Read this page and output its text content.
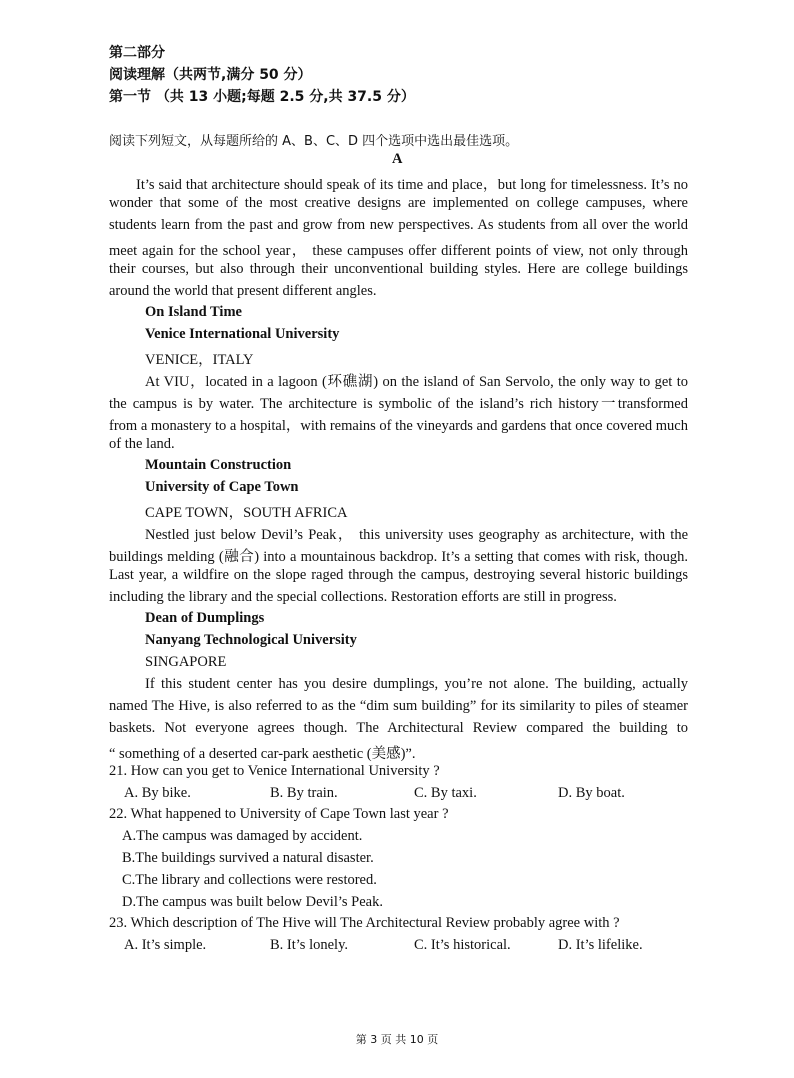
第二部分
阅读理解（共两节,满分 50 分）
第一节 （共 13 小题;每题 2.5 分,共 37.5 分）
阅读下列短文，从每题所给的 A、B、C、D 四个选项中选出最佳选项。
A
It’s said that architecture should speak of its time and place，but long for timelessness. It’s no
wonder that some of the most creative designs are implemented on college campuses, where
students learn from the past and grow from new perspectives. As students from all over the world
meet again for the school year， these campuses offer different points of view, not only through
their courses, but also through their unconventional building styles. Here are college buildings
around the world that present different angles.
On Island Time
Venice International University
VENICE，ITALY
At VIU，located in a lagoon (环礁湖) on the island of San Servolo, the only way to get to
the campus is by water. The architecture is symbolic of the island’s rich history一transformed
from a monastery to a hospital，with remains of the vineyards and gardens that once covered much
of the land.
Mountain Construction
University of Cape Town
CAPE TOWN，SOUTH AFRICA
Nestled just below Devil’s Peak， this university uses geography as architecture, with the
buildings melding (融合) into a mountainous backdrop. It’s a setting that comes with risk, though.
Last year, a wildfire on the slope raged through the campus, destroying several historic buildings
including the library and the special collections. Restoration efforts are still in progress.
Dean of Dumplings
Nanyang Technological University
SINGAPORE
If this student center has you desire dumplings, you’re not alone. The building, actually
named The Hive, is also referred to as the “dim sum building” for its similarity to piles of steamer
baskets. Not everyone agrees though. The Architectural Review compared the building to
“ something of a deserted car-park aesthetic (美感)”.
21. How can you get to Venice International University ?
A. By bike.	B. By train.	C. By taxi.	D. By boat.
22. What happened to University of Cape Town last year ?
A.The campus was damaged by accident.
B.The buildings survived a natural disaster.
C.The library and collections were restored.
D.The campus was built below Devil’s Peak.
23. Which description of The Hive will The Architectural Review probably agree with ?
A. It’s simple.	B. It’s lonely.	C. It’s historical.	D. It’s lifelike.
第 3 页 共 10 页
